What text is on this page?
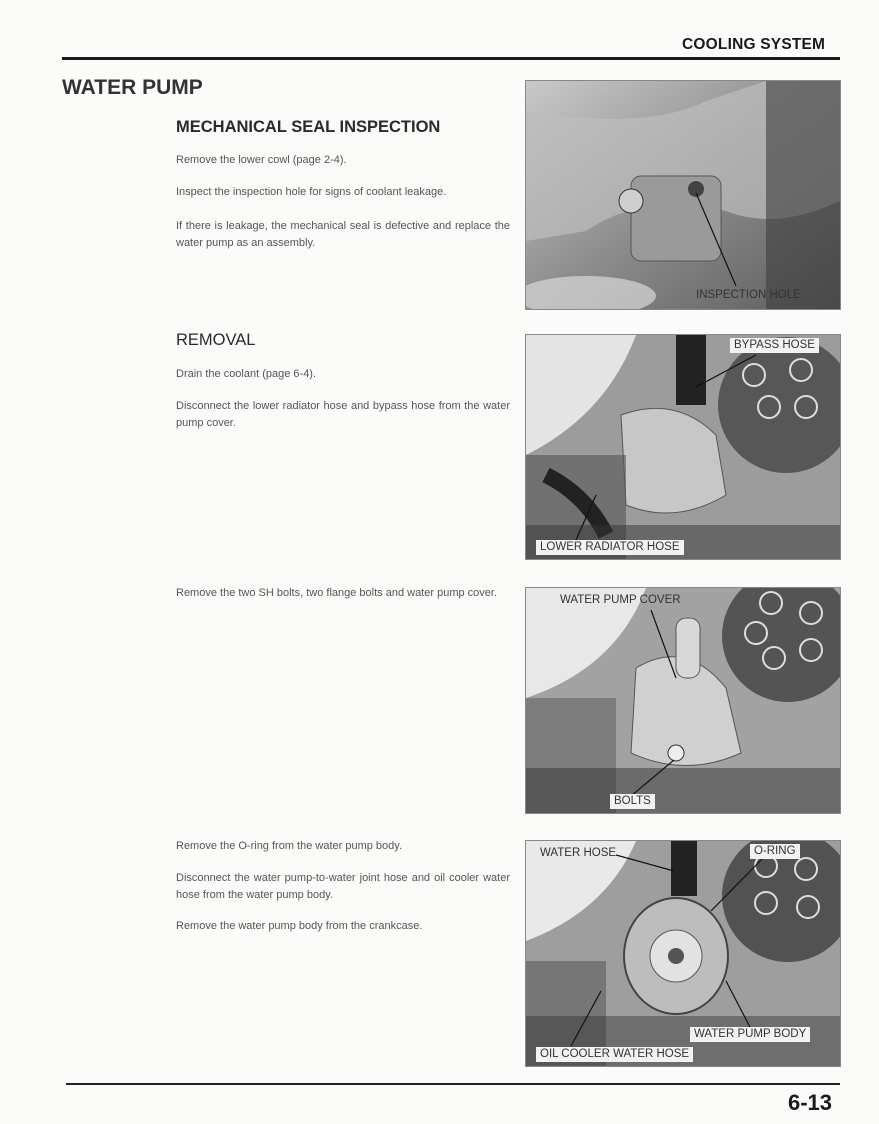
COOLING SYSTEM
WATER PUMP
MECHANICAL SEAL INSPECTION

Remove the lower cowl (page 2-4).

Inspect the inspection hole for signs of coolant leakage.

If there is leakage, the mechanical seal is defective and replace the water pump as an assembly.

REMOVAL

Drain the coolant (page 6-4).

Disconnect the lower radiator hose and bypass hose from the water pump cover.

Remove the two SH bolts, two flange bolts and water pump cover.

Remove the O-ring from the water pump body.

Disconnect the water pump-to-water joint hose and oil cooler water hose from the water pump body.

Remove the water pump body from the crankcase.

INSPECTION HOLE
BYPASS HOSE
LOWER RADIATOR HOSE
WATER PUMP COVER
BOLTS
WATER HOSE	O-RING
WATER PUMP BODY
OIL COOLER WATER HOSE
6-13
